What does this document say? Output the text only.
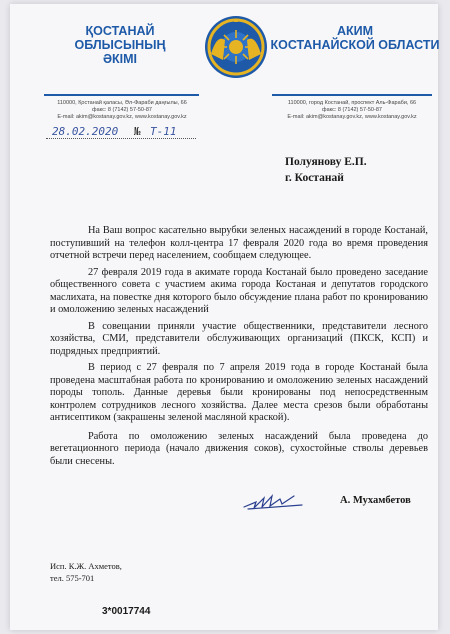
ҚОСТАНАЙ ОБЛЫСЫНЫҢ
ӘКІМІ
АКИМ
КОСТАНАЙСКОЙ ОБЛАСТИ
110000, Қостанай қаласы, Әл-Фараби даңғылы, 66
факс: 8 (7142) 57-50-87
E-mail: akim@kostanay.gov.kz, www.kostanay.gov.kz
110000, город Костанай, проспект Аль-Фараби, 66
факс: 8 (7142) 57-50-87
E-mail: akim@kostanay.gov.kz, www.kostanay.gov.kz
28.02.2020 № Т-11
Полуянову Е.П.
г. Костанай

На Ваш вопрос касательно вырубки зеленых насаждений в городе Костанай, поступивший на телефон колл-центра 17 февраля 2020 года во время проведения отчетной встречи перед населением, сообщаем следующее.

27 февраля 2019 года в акимате города Костанай было проведено заседание общественного совета с участием акима города Костаная и депутатов городского маслихата, на повестке дня которого было обсуждение плана работ по кронированию и омоложению зеленых насаждений

В совещании приняли участие общественники, представители лесного хозяйства, СМИ, представители обслуживающих организаций (ПКСК, КСП) и подрядных предприятий.

В период с 27 февраля по 7 апреля 2019 года в городе Костанай была проведена масштабная работа по кронированию и омоложению зеленых насаждений породы тополь. Данные деревья были кронированы под непосредственным контролем сотрудников лесного хозяйства. Далее места срезов были обработаны антисептиком (закрашены зеленой масляной краской).

Работа по омоложению зеленых насаждений была проведена до вегетационного периода (начало движения соков), сухостойные стволы деревьев были снесены.

А. Мухамбетов
Исп. К.Ж. Ахметов,
тел. 575-701
3*0017744
